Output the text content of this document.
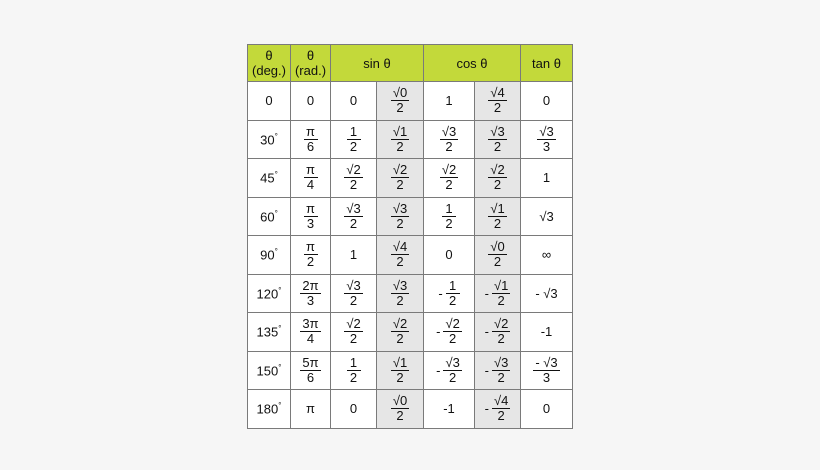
θ
(deg.)	θ
(rad.)	sin θ		cos θ		tan θ
0	0	0	$\frac{√0}{2}$	1	$\frac{√4}{2}$	0
30°	$\frac{\pi}{6}$	$\frac{1}{2}$	$\frac{√1}{2}$	$\frac{√3}{2}$	$\frac{√3}{2}$	$\frac{√3}{3}$

45°	$\frac{\pi}{4}$	$\frac{√2}{2}$	$\frac{√2}{2}$	$\frac{√2}{2}$	$\frac{√2}{2}$	1
60°	$\frac{\pi}{3}$	$\frac{√3}{2}$	$\frac{√3}{2}$	$\frac{1}{2}$	$\frac{√1}{2}$	√3
90°	$\frac{\pi}{2}$	1	$\frac{√4}{2}$	0	$\frac{√0}{2}$	∞
120°	$\frac{2\pi}{3}$	$\frac{√3}{2}$	$\frac{√3}{2}$	- $\frac{1}{2}$	- $\frac{√1}{2}$	- √3
135°	$\frac{3\pi}{4}$	$\frac{√2}{2}$	$\frac{√2}{2}$	- $\frac{√2}{2}$	- $\frac{√2}{2}$	-1
150°	$\frac{5\pi}{6}$	$\frac{1}{2}$	$\frac{√1}{2}$	- $\frac{√3}{2}$	- $\frac{√3}{2}$	$\frac{- √3}{3}$

180°	π	0	$\frac{√0}{2}$	-1	- $\frac{√4}{2}$	0
